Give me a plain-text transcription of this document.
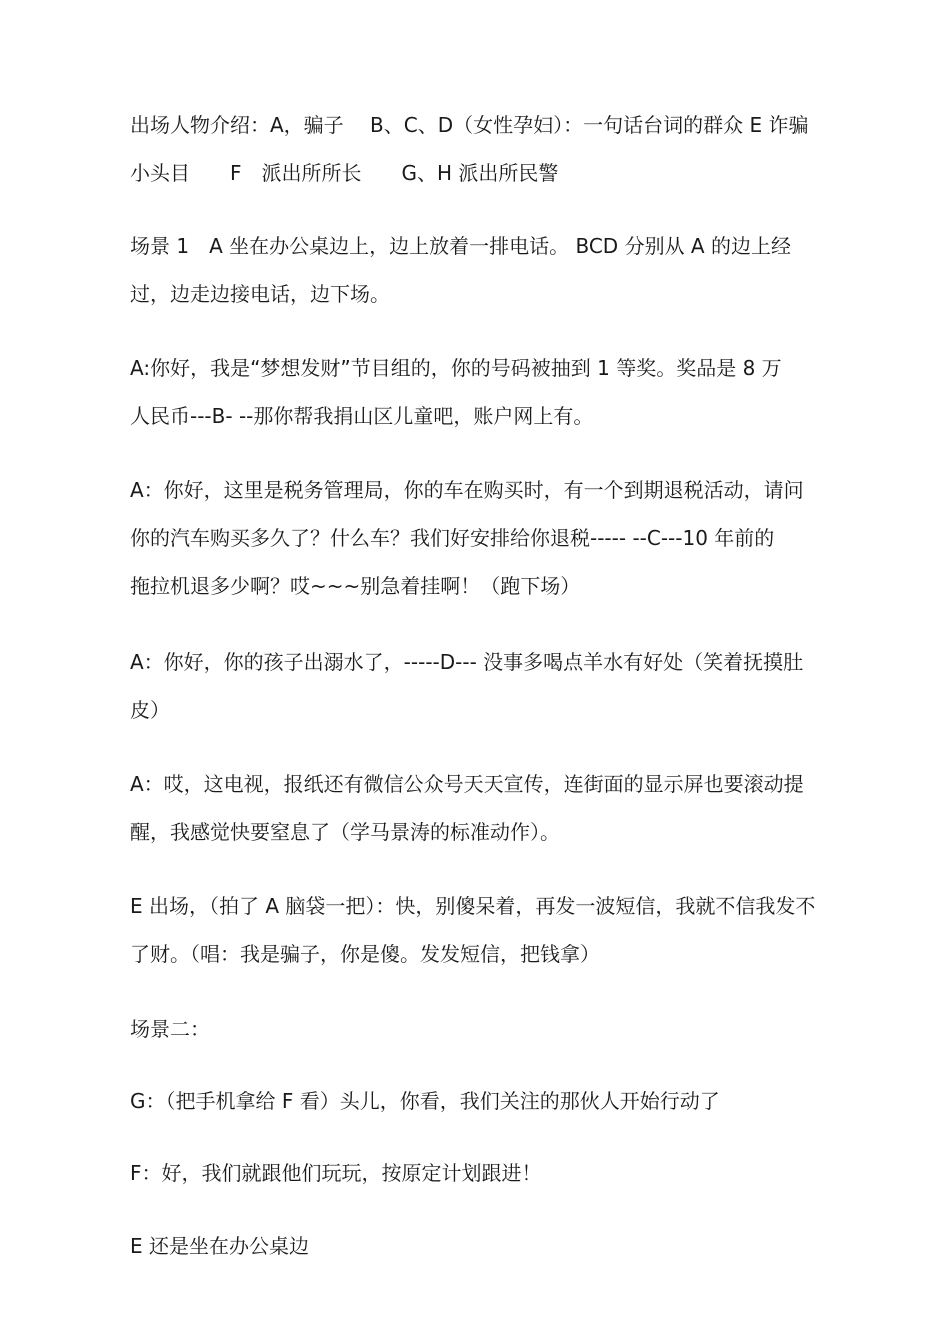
出场人物介绍：A，骗子　 B、C、D（女性孕妇）：一句话台词的群众 E 诈骗
小头目　　F　派出所所长　　G、H 派出所民警
场景 1　A 坐在办公桌边上，边上放着一排电话。 BCD 分别从 A 的边上经
过，边走边接电话，边下场。
A:你好，我是“梦想发财”节目组的，你的号码被抽到 1 等奖。奖品是 8 万
人民币---B- --那你帮我捐山区儿童吧，账户网上有。
A：你好，这里是税务管理局，你的车在购买时，有一个到期退税活动，请问
你的汽车购买多久了？什么车？我们好安排给你退税----- --C---10 年前的
拖拉机退多少啊？哎~~~别急着挂啊！（跑下场）
A：你好，你的孩子出溺水了，-----D--- 没事多喝点羊水有好处（笑着抚摸肚
皮）
A：哎，这电视，报纸还有微信公众号天天宣传，连街面的显示屏也要滚动提
醒，我感觉快要窒息了（学马景涛的标准动作）。
E 出场，（拍了 A 脑袋一把）：快，别傻呆着，再发一波短信，我就不信我发不
了财。（唱：我是骗子，你是傻。发发短信，把钱拿）
场景二：
G：（把手机拿给 F 看）头儿，你看，我们关注的那伙人开始行动了
F：好，我们就跟他们玩玩，按原定计划跟进！
E 还是坐在办公桌边
